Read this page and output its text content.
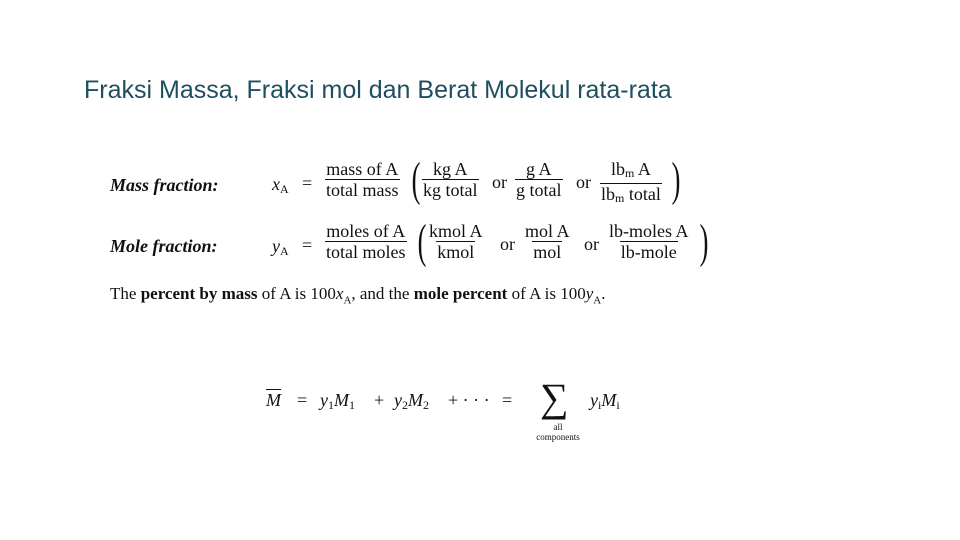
Fraksi Massa, Fraksi mol dan Berat Molekul rata-rata
Mass fraction:	$x_A$ =
mass of A
total mass ( kg A
kg total or
g A
g total or
$lb_m$ A
$lb_m$ total )
Mole fraction:	$y_A$ =
moles of A
total moles ( kmol A
kmol or
mol A
mol or
lb-moles A
lb-mole )
The percent by mass of A is $100x_A$, and the mole percent of A is $100y_A$.
$\overline{M} = y_1M_1 + y_2M_2$ + · · · = ∑
all
components
$y_iM_i$
